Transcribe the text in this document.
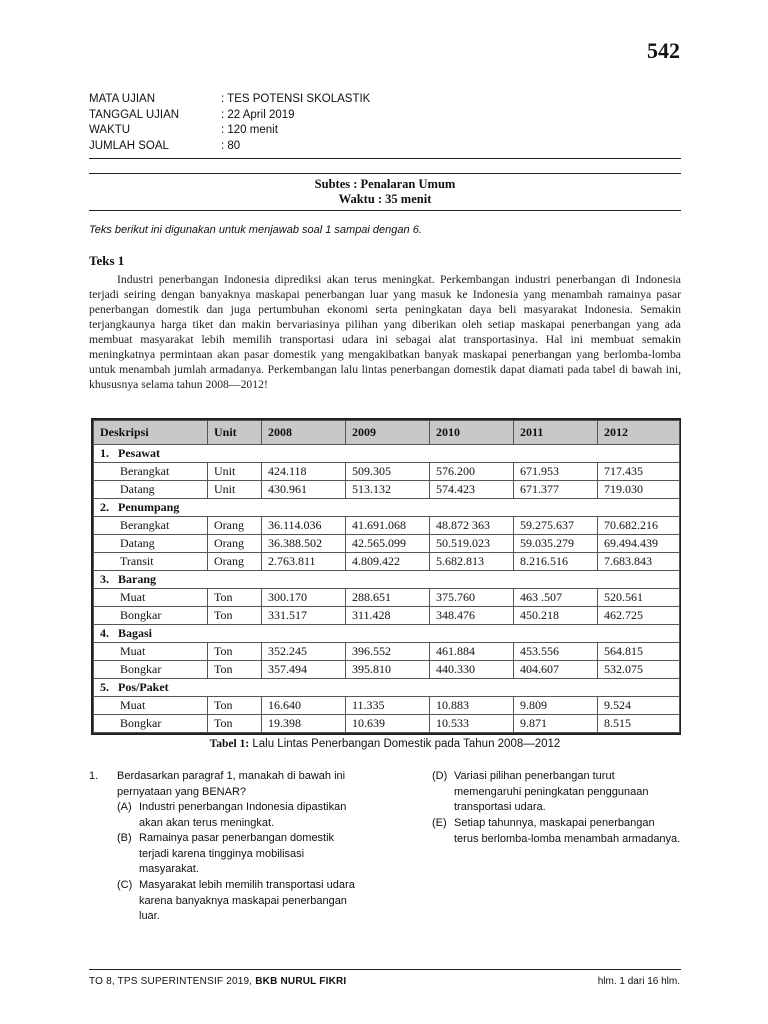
542
MATA UJIAN	: TES POTENSI SKOLASTIK
TANGGAL UJIAN	: 22 April 2019
WAKTU	: 120 menit
JUMLAH SOAL	: 80
Subtes : Penalaran Umum
Waktu : 35 menit
Teks berikut ini digunakan untuk menjawab soal 1 sampai dengan 6.
Teks 1
Industri penerbangan Indonesia diprediksi akan terus meningkat. Perkembangan industri penerbangan di Indonesia terjadi seiring dengan banyaknya maskapai penerbangan luar yang masuk ke Indonesia yang menambah ramainya pasar penerbangan domestik dan juga pertumbuhan ekonomi serta peningkatan daya beli masyarakat Indonesia. Semakin terjangkaunya harga tiket dan makin bervariasinya pilihan yang diberikan oleh setiap maskapai penerbangan yang ada membuat masyarakat lebih memilih transportasi udara ini sebagai alat transportasinya. Hal ini membuat semakin meningkatnya permintaan akan pasar domestik yang mengakibatkan banyak maskapai penerbangan yang berlomba-lomba untuk menambah jumlah armadanya. Perkembangan lalu lintas penerbangan domestik dapat diamati pada tabel di bawah ini, khususnya selama tahun 2008—2012!
Deskripsi	Unit	2008	2009	2010	2011	2012
1.   Pesawat						
Berangkat	Unit	424.118	509.305	576.200	671.953	717.435
Datang	Unit	430.961	513.132	574.423	671.377	719.030
2.   Penumpang						
Berangkat	Orang	36.114.036	41.691.068	48.872 363	59.275.637	70.682.216
Datang	Orang	36.388.502	42.565.099	50.519.023	59.035.279	69.494.439
Transit	Orang	2.763.811	4.809.422	5.682.813	8.216.516	7.683.843
3.   Barang						
Muat	Ton	300.170	288.651	375.760	463 .507	520.561
Bongkar	Ton	331.517	311.428	348.476	450.218	462.725
4.   Bagasi						
Muat	Ton	352.245	396.552	461.884	453.556	564.815
Bongkar	Ton	357.494	395.810	440.330	404.607	532.075
5.   Pos/Paket						
Muat	Ton	16.640	11.335	10.883	9.809	9.524
Bongkar	Ton	19.398	10.639	10.533	9.871	8.515
Tabel 1: Lalu Lintas Penerbangan Domestik pada Tahun 2008—2012
1. Berdasarkan paragraf 1, manakah di bawah ini pernyataan yang BENAR?
(A) Industri penerbangan Indonesia dipastikan akan akan terus meningkat.
(B) Ramainya pasar penerbangan domestik terjadi karena tingginya mobilisasi masyarakat.
(C) Masyarakat lebih memilih transportasi udara karena banyaknya maskapai penerbangan luar.
(D) Variasi pilihan penerbangan turut memengaruhi peningkatan penggunaan transportasi udara.
(E) Setiap tahunnya, maskapai penerbangan terus berlomba-lomba menambah armadanya.
TO 8, TPS SUPERINTENSIF 2019, BKB NURUL FIKRI	hlm. 1 dari 16 hlm.
